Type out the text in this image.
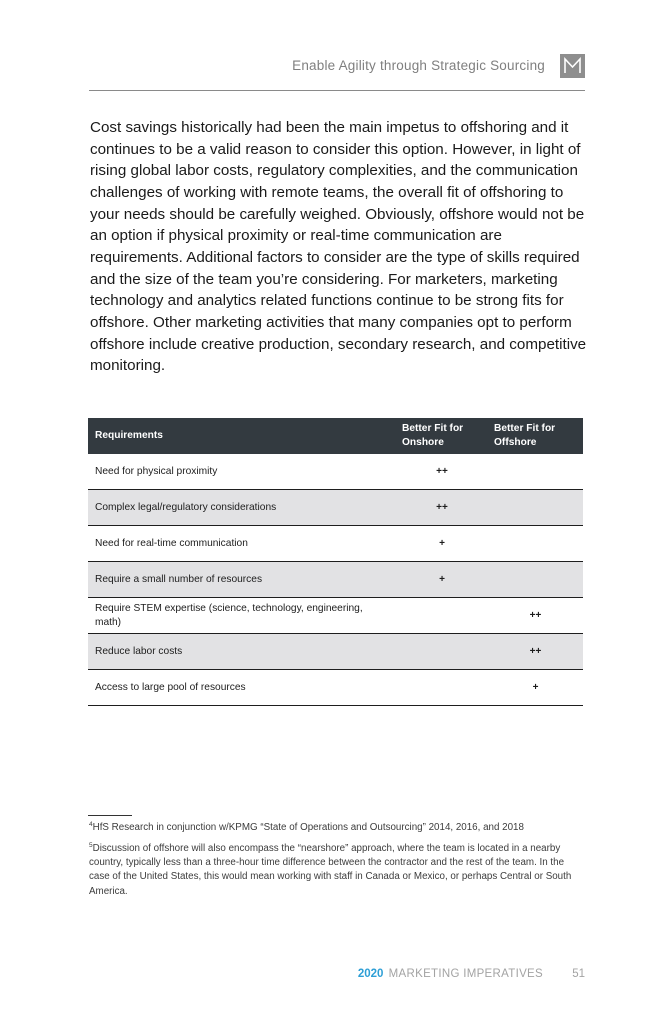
Enable Agility through Strategic Sourcing

Cost savings historically had been the main impetus to offshoring and it continues to be a valid reason to consider this option. However, in light of rising global labor costs, regulatory complexities, and the communication challenges of working with remote teams, the overall fit of offshoring to your needs should be carefully weighed. Obviously, offshore would not be an option if physical proximity or real-time communication are requirements. Additional factors to consider are the type of skills required and the size of the team you’re considering. For marketers, marketing technology and analytics related functions continue to be strong fits for offshore. Other marketing activities that many companies opt to perform offshore include creative production, secondary research, and competitive monitoring.

Requirements	Better Fit for Onshore	Better Fit for Offshore
Need for physical proximity	++	
Complex legal/regulatory considerations	++	
Need for real-time communication	+	
Require a small number of resources	+	
Require STEM expertise (science, technology, engineering, math)		++
Reduce labor costs		++
Access to large pool of resources		+

$^4$HfS Research in conjunction w/KPMG “State of Operations and Outsourcing” 2014, 2016, and 2018

$^5$Discussion of offshore will also encompass the “nearshore” approach, where the team is located in a nearby country, typically less than a three-hour time difference between the contractor and the rest of the team. In the case of the United States, this would mean working with staff in Canada or Mexico, or perhaps Central or South America.

2020 MARKETING IMPERATIVES	51
